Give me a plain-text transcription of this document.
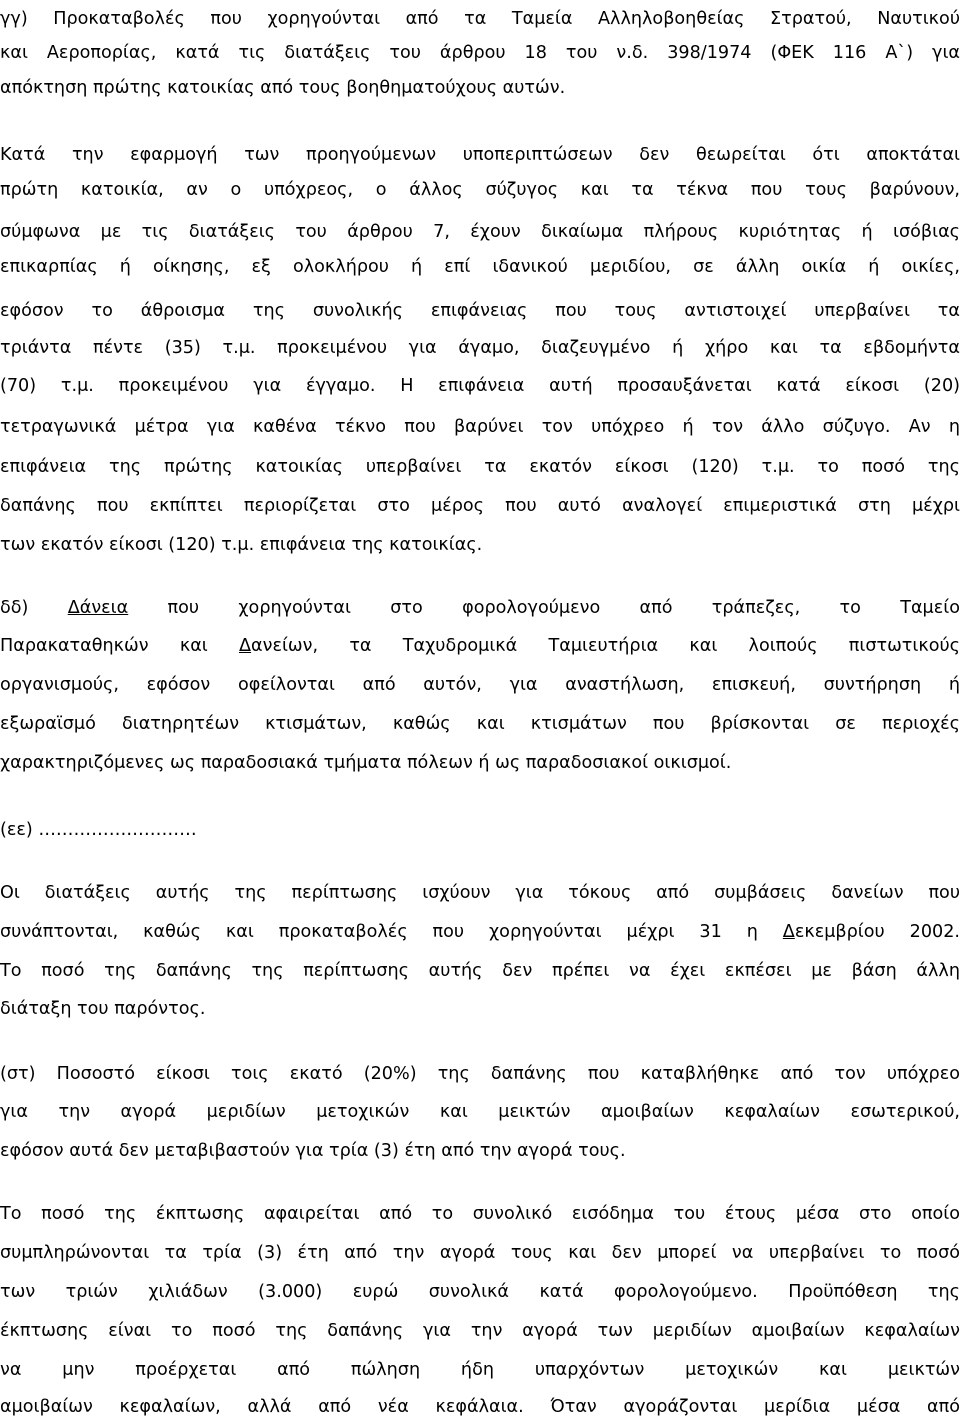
γγ) Προκαταβολές που χορηγούνται από τα Ταμεία Αλληλοβοηθείας Στρατού, Ναυτικού
και Αεροπορίας, κατά τις διατάξεις του άρθρου 18 του ν.δ. 398/1974 (ΦΕΚ 116 Α`) για
απόκτηση πρώτης κατοικίας από τους βοηθηματούχους αυτών.
Κατά την εφαρμογή των προηγούμενων υποπεριπτώσεων δεν θεωρείται ότι αποκτάται
πρώτη κατοικία, αν ο υπόχρεος, ο άλλος σύζυγος και τα τέκνα που τους βαρύνουν,
σύμφωνα με τις διατάξεις του άρθρου 7, έχουν δικαίωμα πλήρους κυριότητας ή ισόβιας
επικαρπίας ή οίκησης, εξ ολοκλήρου ή επί ιδανικού μεριδίου, σε άλλη οικία ή οικίες,
εφόσον το άθροισμα της συνολικής επιφάνειας που τους αντιστοιχεί υπερβαίνει τα
τριάντα πέντε (35) τ.μ. προκειμένου για άγαμο, διαζευγμένο ή χήρο και τα εβδομήντα
(70) τ.μ. προκειμένου για έγγαμο. Η επιφάνεια αυτή προσαυξάνεται κατά είκοσι (20)
τετραγωνικά μέτρα για καθένα τέκνο που βαρύνει τον υπόχρεο ή τον άλλο σύζυγο. Αν η
επιφάνεια της πρώτης κατοικίας υπερβαίνει τα εκατόν είκοσι (120) τ.μ. το ποσό της
δαπάνης που εκπίπτει περιορίζεται στο μέρος που αυτό αναλογεί επιμεριστικά στη μέχρι
των εκατόν είκοσι (120) τ.μ. επιφάνεια της κατοικίας.
δδ) Δάνεια που χορηγούνται στο φορολογούμενο από τράπεζες, το Ταμείο
Παρακαταθηκών και Δανείων, τα Ταχυδρομικά Ταμιευτήρια και λοιπούς πιστωτικούς
οργανισμούς, εφόσον οφείλονται από αυτόν, για αναστήλωση, επισκευή, συντήρηση ή
εξωραϊσμό διατηρητέων κτισμάτων, καθώς και κτισμάτων που βρίσκονται σε περιοχές
χαρακτηριζόμενες ως παραδοσιακά τμήματα πόλεων ή ως παραδοσιακοί οικισμοί.
(εε) ………………………
Οι διατάξεις αυτής της περίπτωσης ισχύουν για τόκους από συμβάσεις δανείων που
συνάπτονται, καθώς και προκαταβολές που χορηγούνται μέχρι 31 η Δεκεμβρίου 2002.
Το ποσό της δαπάνης της περίπτωσης αυτής δεν πρέπει να έχει εκπέσει με βάση άλλη
διάταξη του παρόντος.
(στ) Ποσοστό είκοσι τοις εκατό (20%) της δαπάνης που καταβλήθηκε από τον υπόχρεο
για την αγορά μεριδίων μετοχικών και μεικτών αμοιβαίων κεφαλαίων εσωτερικού,
εφόσον αυτά δεν μεταβιβαστούν για τρία (3) έτη από την αγορά τους.
Το ποσό της έκπτωσης αφαιρείται από το συνολικό εισόδημα του έτους μέσα στο οποίο
συμπληρώνονται τα τρία (3) έτη από την αγορά τους και δεν μπορεί να υπερβαίνει το ποσό
των τριών χιλιάδων (3.000) ευρώ συνολικά κατά φορολογούμενο. Προϋπόθεση της
έκπτωσης είναι το ποσό της δαπάνης για την αγορά των μεριδίων αμοιβαίων κεφαλαίων
να μην προέρχεται από πώληση ήδη υπαρχόντων μετοχικών και μεικτών
αμοιβαίων κεφαλαίων, αλλά από νέα κεφάλαια. Όταν αγοράζονται μερίδια μέσα από
